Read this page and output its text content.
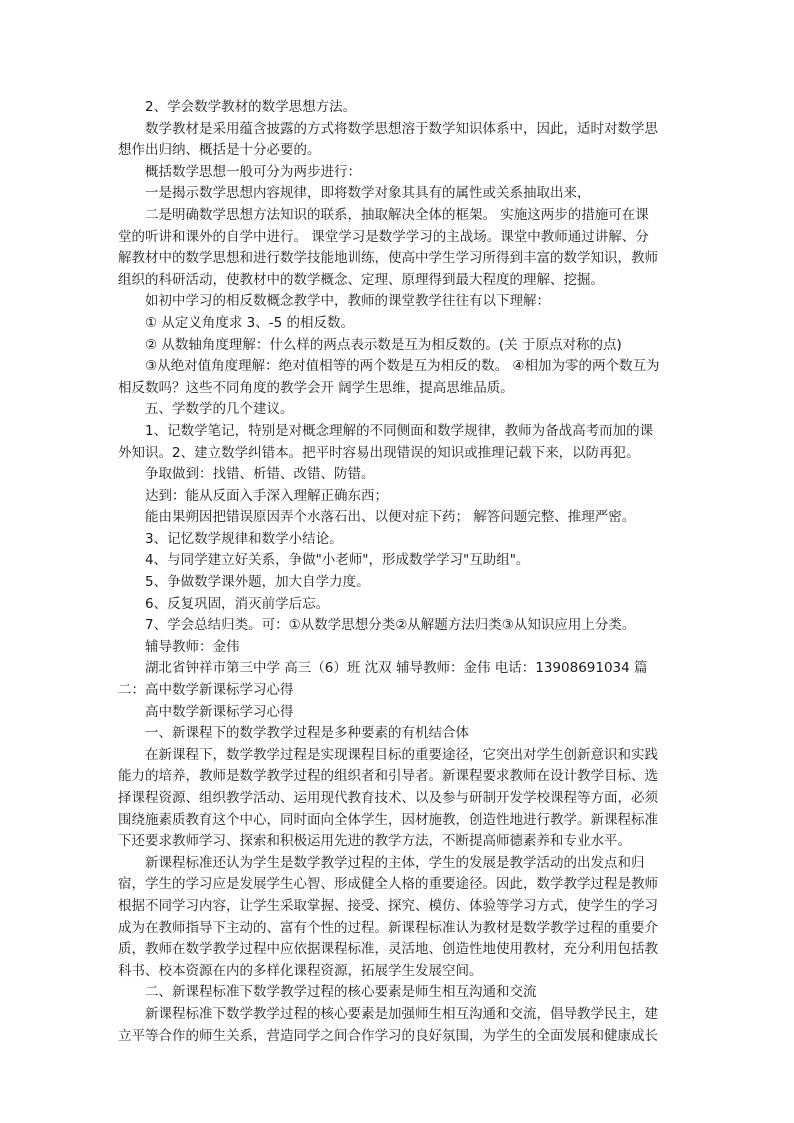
2、学会数学教材的数学思想方法。

数学教材是采用蕴含披露的方式将数学思想溶于数学知识体系中，因此，适时对数学思想作出归纳、概括是十分必要的。

概括数学思想一般可分为两步进行：

一是揭示数学思想内容规律，即将数学对象其具有的属性或关系抽取出来，

二是明确数学思想方法知识的联系，抽取解决全体的框架。 实施这两步的措施可在课堂的听讲和课外的自学中进行。 课堂学习是数学学习的主战场。课堂中教师通过讲解、分解教材中的数学思想和进行数学技能地训练，使高中学生学习所得到丰富的数学知识，教师组织的科研活动，使教材中的数学概念、定理、原理得到最大程度的理解、挖掘。

如初中学习的相反数概念教学中，教师的课堂教学往往有以下理解：

① 从定义角度求 3、-5 的相反数。

② 从数轴角度理解：什么样的两点表示数是互为相反数的。(关 于原点对称的点)

③从绝对值角度理解：绝对值相等的两个数是互为相反的数。 ④相加为零的两个数互为相反数吗？这些不同角度的教学会开 阔学生思维，提高思维品质。

五、学数学的几个建议。

1、记数学笔记，特别是对概念理解的不同侧面和数学规律，教师为备战高考而加的课外知识。2、建立数学纠错本。把平时容易出现错误的知识或推理记载下来，以防再犯。

争取做到：找错、析错、改错、防错。

达到：能从反面入手深入理解正确东西；

能由果朔因把错误原因弄个水落石出、以便对症下药； 解答问题完整、推理严密。

3、记忆数学规律和数学小结论。

4、与同学建立好关系，争做"小老师"，形成数学学习"互助组"。

5、争做数学课外题，加大自学力度。

6、反复巩固，消灭前学后忘。

7、学会总结归类。可：①从数学思想分类②从解题方法归类③从知识应用上分类。

辅导教师：金伟

湖北省钟祥市第三中学 高三（6）班 沈双 辅导教师：金伟 电话：13908691034 篇二：高中数学新课标学习心得

高中数学新课标学习心得

一、新课程下的数学教学过程是多种要素的有机结合体

在新课程下，数学教学过程是实现课程目标的重要途径，它突出对学生创新意识和实践能力的培养，教师是数学教学过程的组织者和引导者。新课程要求教师在设计教学目标、选择课程资源、组织教学活动、运用现代教育技术、以及参与研制开发学校课程等方面，必须围绕施素质教育这个中心，同时面向全体学生，因材施教，创造性地进行教学。新课程标准下还要求教师学习、探索和积极运用先进的教学方法，不断提高师德素养和专业水平。

新课程标准还认为学生是数学教学过程的主体，学生的发展是教学活动的出发点和归宿，学生的学习应是发展学生心智、形成健全人格的重要途径。因此，数学教学过程是教师根据不同学习内容，让学生采取掌握、接受、探究、模仿、体验等学习方式，使学生的学习成为在教师指导下主动的、富有个性的过程。新课程标准认为教材是数学教学过程的重要介质，教师在数学教学过程中应依据课程标准，灵活地、创造性地使用教材，充分利用包括教科书、校本资源在内的多样化课程资源，拓展学生发展空间。

二、新课程标准下数学教学过程的核心要素是师生相互沟通和交流

新课程标准下数学教学过程的核心要素是加强师生相互沟通和交流，倡导教学民主，建立平等合作的师生关系，营造同学之间合作学习的良好氛围，为学生的全面发展和健康成长
